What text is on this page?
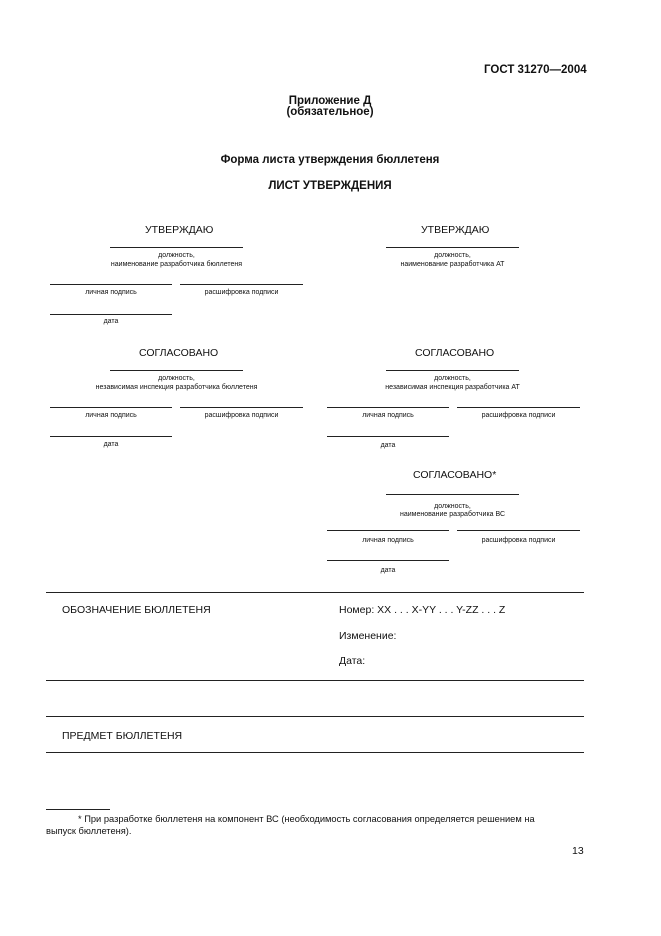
ГОСТ 31270—2004
Приложение Д
(обязательное)
Форма листа утверждения бюллетеня
ЛИСТ УТВЕРЖДЕНИЯ
УТВЕРЖДАЮ
должность,
наименование разработчика бюллетеня
личная подпись	расшифровка подписи
дата
УТВЕРЖДАЮ
должность,
наименование разработчика АТ
СОГЛАСОВАНО
должность,
независимая инспекция разработчика бюллетеня
личная подпись	расшифровка подписи
дата
СОГЛАСОВАНО
должность,
независимая инспекция разработчика АТ
личная подпись	расшифровка подписи
дата
СОГЛАСОВАНО*
должность,
наименование разработчика ВС
личная подпись	расшифровка подписи
дата
ОБОЗНАЧЕНИЕ БЮЛЛЕТЕНЯ	Номер: XX . . . X-YY . . . Y-ZZ . . . Z
Изменение:
Дата:
ПРЕДМЕТ БЮЛЛЕТЕНЯ
* При разработке бюллетеня на компонент ВС (необходимость согласования определяется решением на
выпуск бюллетеня).
13
